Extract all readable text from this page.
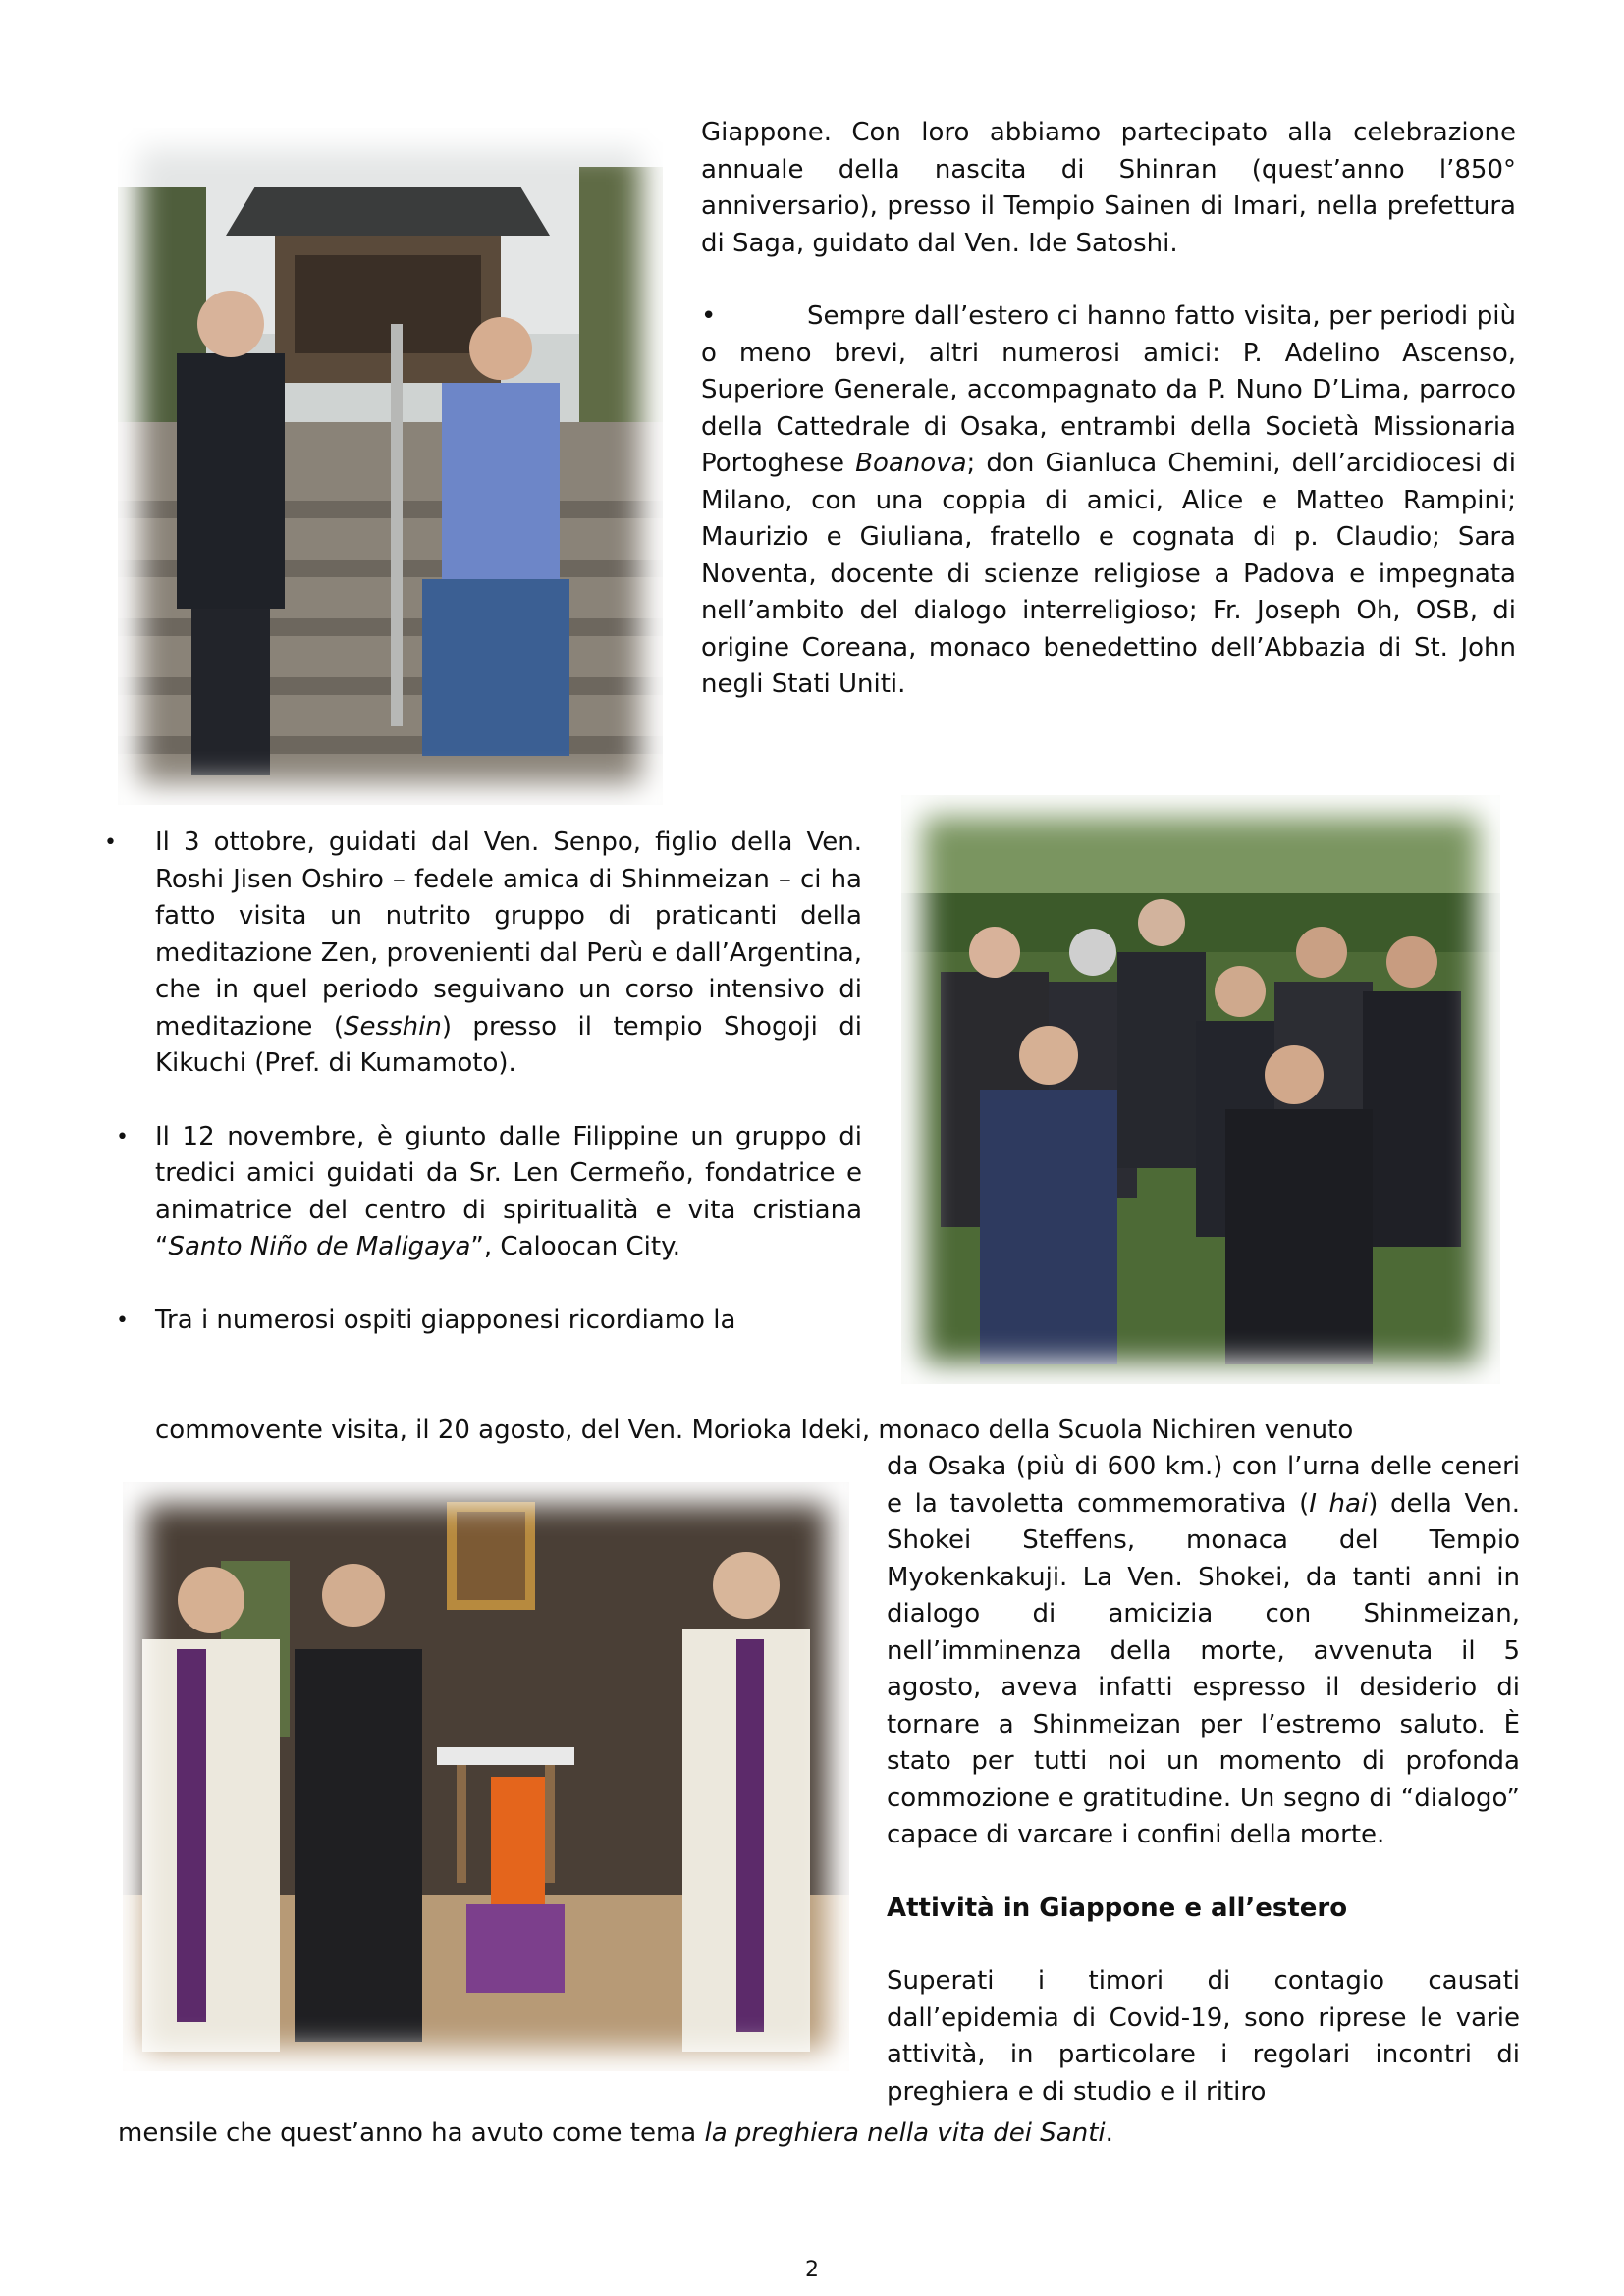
Giappone. Con loro abbiamo partecipato alla celebrazione annuale della nascita di Shinran (quest’anno l’850° anniversario), presso il Tempio Sainen di Imari, nella prefettura di Saga, guidato dal Ven. Ide Satoshi.

•	Sempre dall’estero ci hanno fatto visita, per periodi più o meno brevi, altri numerosi amici: P. Adelino Ascenso, Superiore Generale, accompagnato da P. Nuno D’Lima, parroco della Cattedrale di Osaka, entrambi della Società Missionaria Portoghese Boanova; don Gianluca Chemini, dell’arcidiocesi di Milano, con una coppia di amici, Alice e Matteo Rampini; Maurizio e Giuliana, fratello e cognata di p. Claudio; Sara Noventa, docente di scienze religiose a Padova e impegnata nell’ambito del dialogo interreligioso; Fr. Joseph Oh, OSB, di origine Coreana, monaco benedettino dell’Abbazia di St. John negli Stati Uniti.

• Il 3 ottobre, guidati dal Ven. Senpo, figlio della Ven. Roshi Jisen Oshiro – fedele amica di Shinmeizan – ci ha fatto visita un nutrito gruppo di praticanti della meditazione Zen, provenienti dal Perù e dall’Argentina, che in quel periodo seguivano un corso intensivo di meditazione (Sesshin) presso il tempio Shogoji di Kikuchi (Pref. di Kumamoto).

• Il 12 novembre, è giunto dalle Filippine un gruppo di tredici amici guidati da Sr. Len Cermeño, fondatrice e animatrice del centro di spiritualità e vita cristiana “Santo Niño de Maligaya”, Caloocan City.

• Tra i numerosi ospiti giapponesi ricordiamo la

commovente visita, il 20 agosto, del Ven. Morioka Ideki, monaco della Scuola Nichiren venuto

da Osaka (più di 600 km.) con l’urna delle ceneri e la tavoletta commemorativa (I hai) della Ven. Shokei Steffens, monaca del Tempio Myokenkakuji. La Ven. Shokei, da tanti anni in dialogo di amicizia con Shinmeizan, nell’imminenza della morte, avvenuta il 5 agosto, aveva infatti espresso il desiderio di tornare a Shinmeizan per l’estremo saluto. È stato per tutti noi un momento di profonda commozione e gratitudine. Un segno di “dialogo” capace di varcare i confini della morte.

Attività in Giappone e all’estero

Superati i timori di contagio causati dall’epidemia di Covid-19, sono riprese le varie attività, in particolare i regolari incontri di preghiera e di studio e il ritiro

mensile che quest’anno ha avuto come tema la preghiera nella vita dei Santi.
2
